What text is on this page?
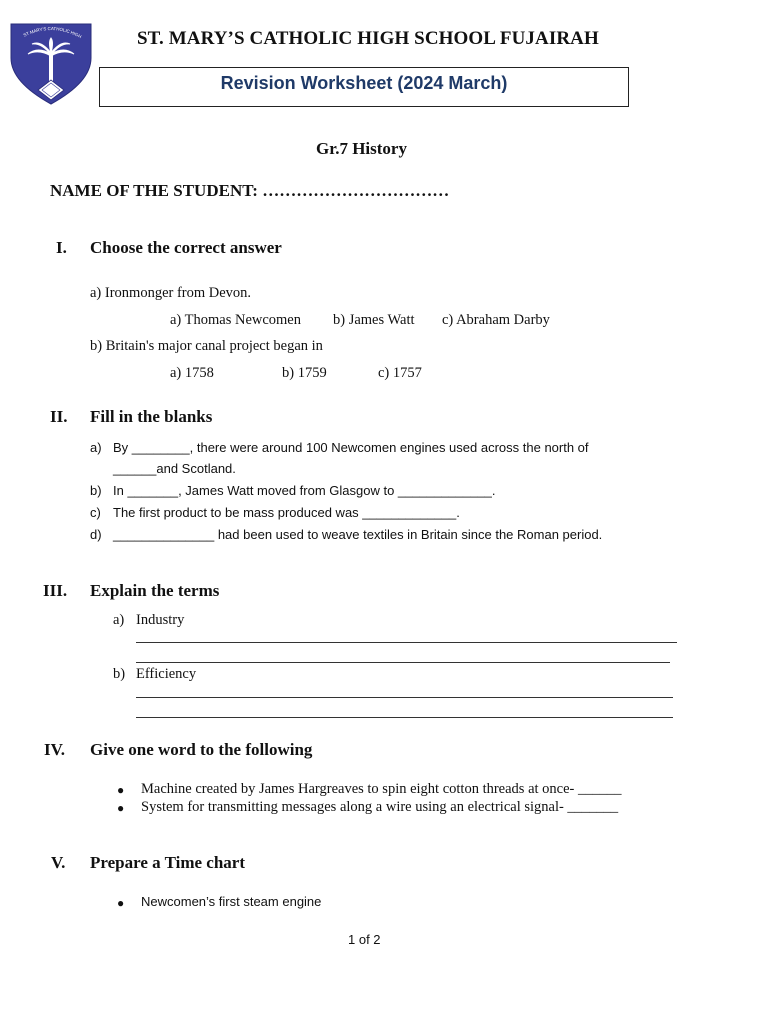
ST MARY’S CATHOLIC HIGH	ST. MARY’S CATHOLIC HIGH SCHOOL FUJAIRAH
Revision Worksheet (2024 March)
Gr.7 History
NAME OF THE STUDENT: ……………………………
I. Choose the correct answer
a) Ironmonger from Devon.
a) Thomas Newcomen b) James Watt c) Abraham Darby
b) Britain's major canal project began in
a) 1758	b) 1759	c) 1757
II. Fill in the blanks
a) By ________, there were around 100 Newcomen engines used across the north of
______and Scotland.
b) In _______, James Watt moved from Glasgow to _____________.
c) The first product to be mass produced was _____________.
d) ______________ had been used to weave textiles in Britain since the Roman period.
III. Explain the terms
a) Industry
b) Efficiency
IV. Give one word to the following
● Machine created by James Hargreaves to spin eight cotton threads at once- ______
● System for transmitting messages along a wire using an electrical signal- _______
V. Prepare a Time chart
● Newcomen’s first steam engine
1 of 2
